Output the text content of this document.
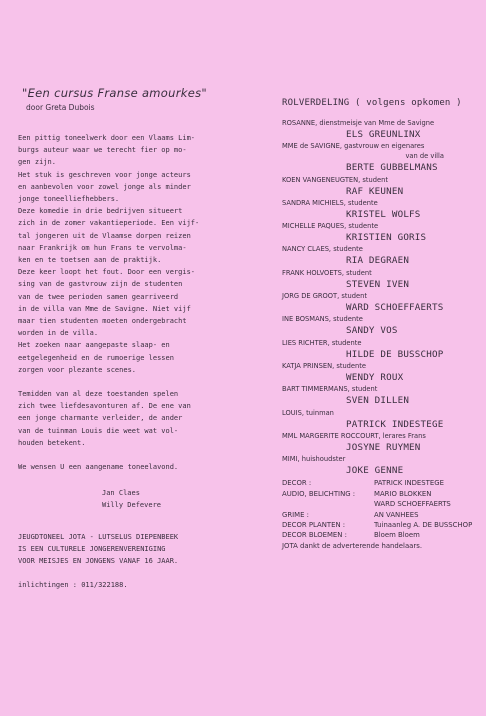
"Een cursus Franse amourkes"
door Greta Dubois
Een pittig toneelwerk door een Vlaams Lim-
burgs auteur waar we terecht fier op mo-
gen zijn.
Het stuk is geschreven voor jonge acteurs
en aanbevolen voor zowel jonge als minder
jonge toneelliefhebbers.
Deze komedie in drie bedrijven situeert
zich in de zomer vakantieperiode. Een vijf-
tal jongeren uit de Vlaamse dorpen reizen
naar Frankrijk om hun Frans te vervolma-
ken en te toetsen aan de praktijk.
Deze keer loopt het fout. Door een vergis-
sing van de gastvrouw zijn de studenten
van de twee perioden samen gearriveerd
in de villa van Mme de Savigne. Niet vijf
maar tien studenten moeten ondergebracht
worden in de villa.
Het zoeken naar aangepaste slaap- en
eetgelegenheid en de rumoerige lessen
zorgen voor plezante scenes.
Temidden van al deze toestanden spelen
zich twee liefdesavonturen af. De ene van
een jonge charmante verleider, de ander
van de tuinman Louis die weet wat vol-
houden betekent.
We wensen U een aangename toneelavond.
Jan Claes
Willy Defevere
JEUGDTONEEL JOTA - LUTSELUS DIEPENBEEK
IS EEN CULTURELE JONGERENVERENIGING
VOOR MEISJES EN JONGENS VANAF 16 JAAR.
inlichtingen : 011/322188.
ROLVERDELING ( volgens opkomen )
ROSANNE, dienstmeisje van Mme de Savigne
ELS GREUNLINX
MME de SAVIGNE, gastvrouw en eigenares
van de villa
BERTE GUBBELMANS
KOEN VANGENEUGTEN, student
RAF KEUNEN
SANDRA MICHIELS, studente
KRISTEL WOLFS
MICHELLE PAQUES, studente
KRISTIEN GORIS
NANCY CLAES, studente
RIA DEGRAEN
FRANK HOLVOETS, student
STEVEN IVEN
JORG DE GROOT, student
WARD SCHOEFFAERTS
INE BOSMANS, studente
SANDY VOS
LIES RICHTER, studente
HILDE DE BUSSCHOP
KATJA PRINSEN, studente
WENDY ROUX
BART TIMMERMANS, student
SVEN DILLEN
LOUIS, tuinman
PATRICK INDESTEGE
MML MARGERITE ROCCOURT, lerares Frans
JOSYNE RUYMEN
MIMI, huishoudster
JOKE GENNE
DECOR :	PATRICK INDESTEGE
AUDIO, BELICHTING :	MARIO BLOKKEN
WARD SCHOEFFAERTS
GRIME :	AN VANHEES
DECOR PLANTEN :	Tuinaanleg A. DE BUSSCHOP
DECOR BLOEMEN :	Bloem Bloem
JOTA dankt de adverterende handelaars.
